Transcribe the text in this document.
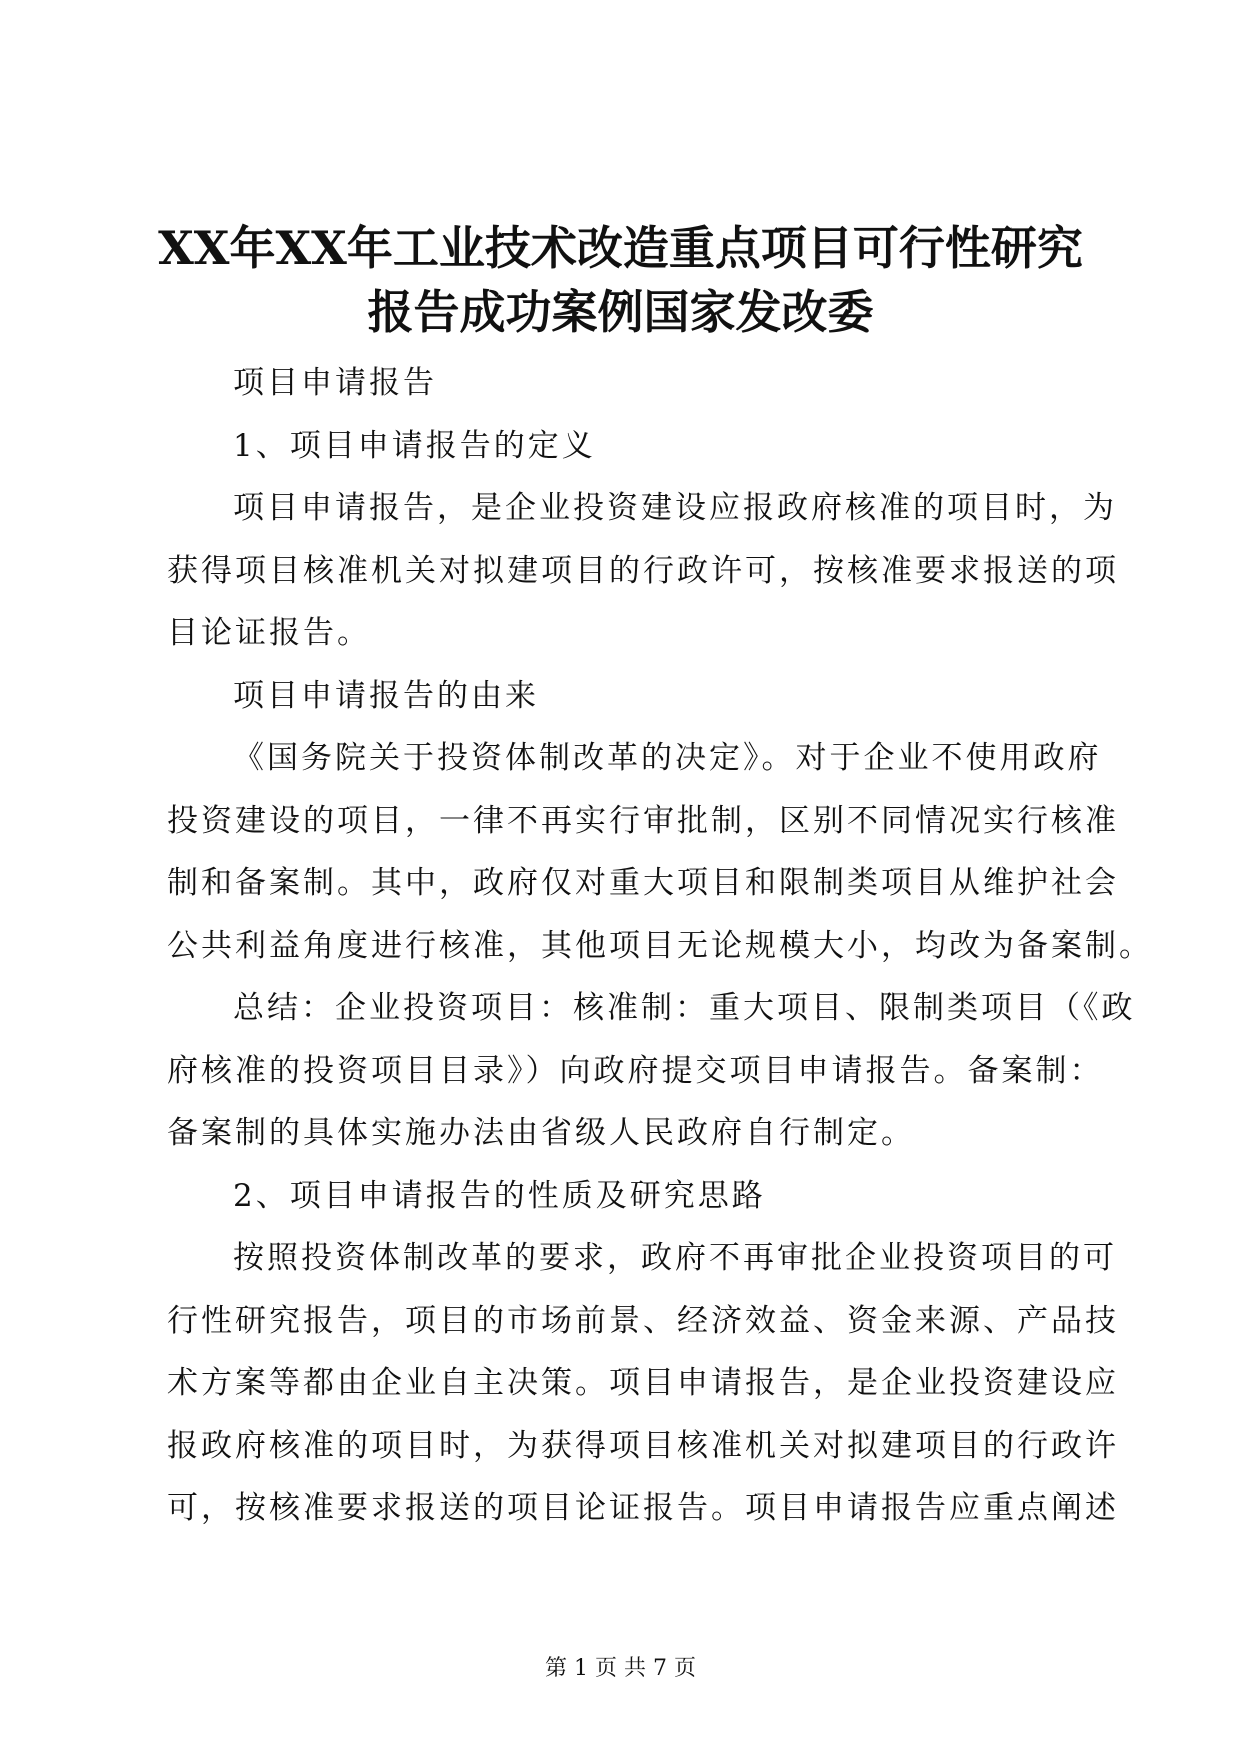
XX年XX年工业技术改造重点项目可行性研究
报告成功案例国家发改委
项目申请报告
1、项目申请报告的定义
项目申请报告，是企业投资建设应报政府核准的项目时，为
获得项目核准机关对拟建项目的行政许可，按核准要求报送的项
目论证报告。
项目申请报告的由来
《国务院关于投资体制改革的决定》。对于企业不使用政府
投资建设的项目，一律不再实行审批制，区别不同情况实行核准
制和备案制。其中，政府仅对重大项目和限制类项目从维护社会
公共利益角度进行核准，其他项目无论规模大小，均改为备案制。
总结：企业投资项目：核准制：重大项目、限制类项目（《政
府核准的投资项目目录》）向政府提交项目申请报告。备案制：
备案制的具体实施办法由省级人民政府自行制定。
2、项目申请报告的性质及研究思路
按照投资体制改革的要求，政府不再审批企业投资项目的可
行性研究报告，项目的市场前景、经济效益、资金来源、产品技
术方案等都由企业自主决策。项目申请报告，是企业投资建设应
报政府核准的项目时，为获得项目核准机关对拟建项目的行政许
可，按核准要求报送的项目论证报告。项目申请报告应重点阐述
第 1 页 共 7 页
